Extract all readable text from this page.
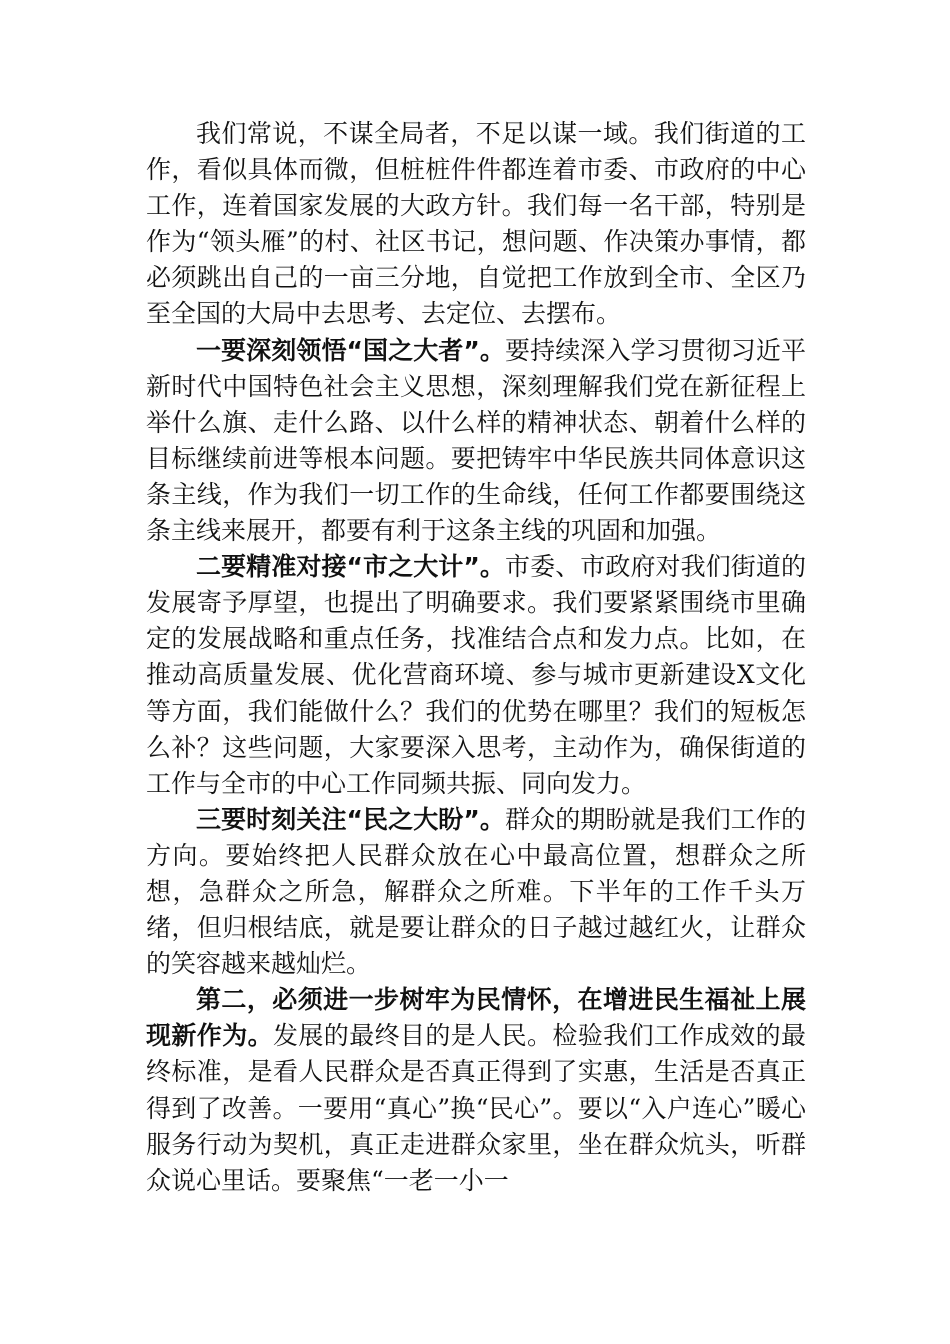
我们常说，不谋全局者，不足以谋一域。我们街道的工作，看似具体而微，但桩桩件件都连着市委、市政府的中心工作，连着国家发展的大政方针。我们每一名干部，特别是作为“领头雁”的村、社区书记，想问题、作决策办事情，都必须跳出自己的一亩三分地，自觉把工作放到全市、全区乃至全国的大局中去思考、去定位、去摆布。

一要深刻领悟“国之大者”。要持续深入学习贯彻习近平新时代中国特色社会主义思想，深刻理解我们党在新征程上举什么旗、走什么路、以什么样的精神状态、朝着什么样的目标继续前进等根本问题。要把铸牢中华民族共同体意识这条主线，作为我们一切工作的生命线，任何工作都要围绕这条主线来展开，都要有利于这条主线的巩固和加强。

二要精准对接“市之大计”。市委、市政府对我们街道的发展寄予厚望，也提出了明确要求。我们要紧紧围绕市里确定的发展战略和重点任务，找准结合点和发力点。比如，在推动高质量发展、优化营商环境、参与城市更新建设X文化等方面，我们能做什么？我们的优势在哪里？我们的短板怎么补？这些问题，大家要深入思考，主动作为，确保街道的工作与全市的中心工作同频共振、同向发力。

三要时刻关注“民之大盼”。群众的期盼就是我们工作的方向。要始终把人民群众放在心中最高位置，想群众之所想，急群众之所急，解群众之所难。下半年的工作千头万绪，但归根结底，就是要让群众的日子越过越红火，让群众的笑容越来越灿烂。

第二，必须进一步树牢为民情怀，在增进民生福祉上展现新作为。发展的最终目的是人民。检验我们工作成效的最终标准，是看人民群众是否真正得到了实惠，生活是否真正得到了改善。一要用“真心”换“民心”。要以“入户连心”暖心服务行动为契机，真正走进群众家里，坐在群众炕头，听群众说心里话。要聚焦“一老一小一
